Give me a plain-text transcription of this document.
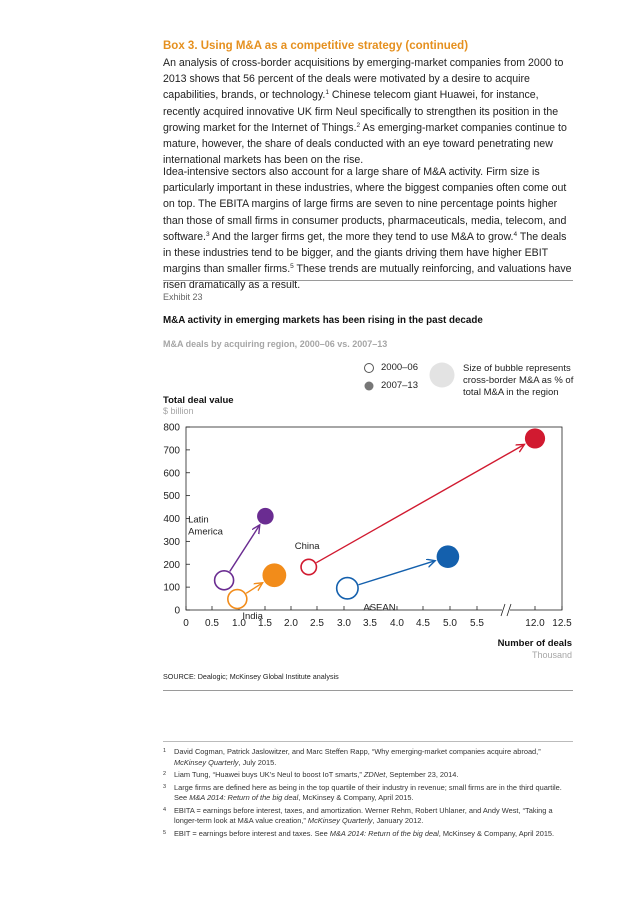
Box 3. Using M&A as a competitive strategy (continued)

An analysis of cross-border acquisitions by emerging-market companies from 2000 to 2013 shows that 56 percent of the deals were motivated by a desire to acquire capabilities, brands, or technology.$^1$ Chinese telecom giant Huawei, for instance, recently acquired innovative UK firm Neul specifically to strengthen its position in the growing market for the Internet of Things.$^2$ As emerging-market companies continue to mature, however, the share of deals conducted with an eye toward penetrating new international markets has been on the rise.

Idea-intensive sectors also account for a large share of M&A activity. Firm size is particularly important in these industries, where the biggest companies often come out on top. The EBITA margins of large firms are seven to nine percentage points higher than those of small firms in consumer products, pharmaceuticals, media, telecom, and software.$^3$ And the larger firms get, the more they tend to use M&A to grow.$^4$ The deals in these industries tend to be bigger, and the giants driving them have higher EBIT margins than smaller firms.$^5$ These trends are mutually reinforcing, and valuations have risen dramatically as a result.

Exhibit 23
M&A activity in emerging markets has been rising in the past decade
M&A deals by acquiring region, 2000–06 vs. 2007–13
2000–06
2007–13
Size of bubble represents cross-border M&A as % of total M&A in the region
Total deal value
$ billion
0
100
200
300
400
500
600
700
800
0 0.5 1.0 1.5 2.0 2.5 3.0 3.5 4.0 4.5 5.0 5.5	12.0 12.5
Latin America
India
China
ASEAN
Number of deals
Thousand
SOURCE: Dealogic; McKinsey Global Institute analysis
1 David Cogman, Patrick Jaslowitzer, and Marc Steffen Rapp, “Why emerging-market companies acquire abroad,” McKinsey Quarterly, July 2015.
2 Liam Tung, “Huawei buys UK’s Neul to boost IoT smarts,” ZDNet, September 23, 2014.
3 Large firms are defined here as being in the top quartile of their industry in revenue; small firms are in the third quartile. See M&A 2014: Return of the big deal, McKinsey & Company, April 2015.
4 EBITA = earnings before interest, taxes, and amortization. Werner Rehm, Robert Uhlaner, and Andy West, “Taking a longer-term look at M&A value creation,” McKinsey Quarterly, January 2012.
5 EBIT = earnings before interest and taxes. See M&A 2014: Return of the big deal, McKinsey & Company, April 2015.
